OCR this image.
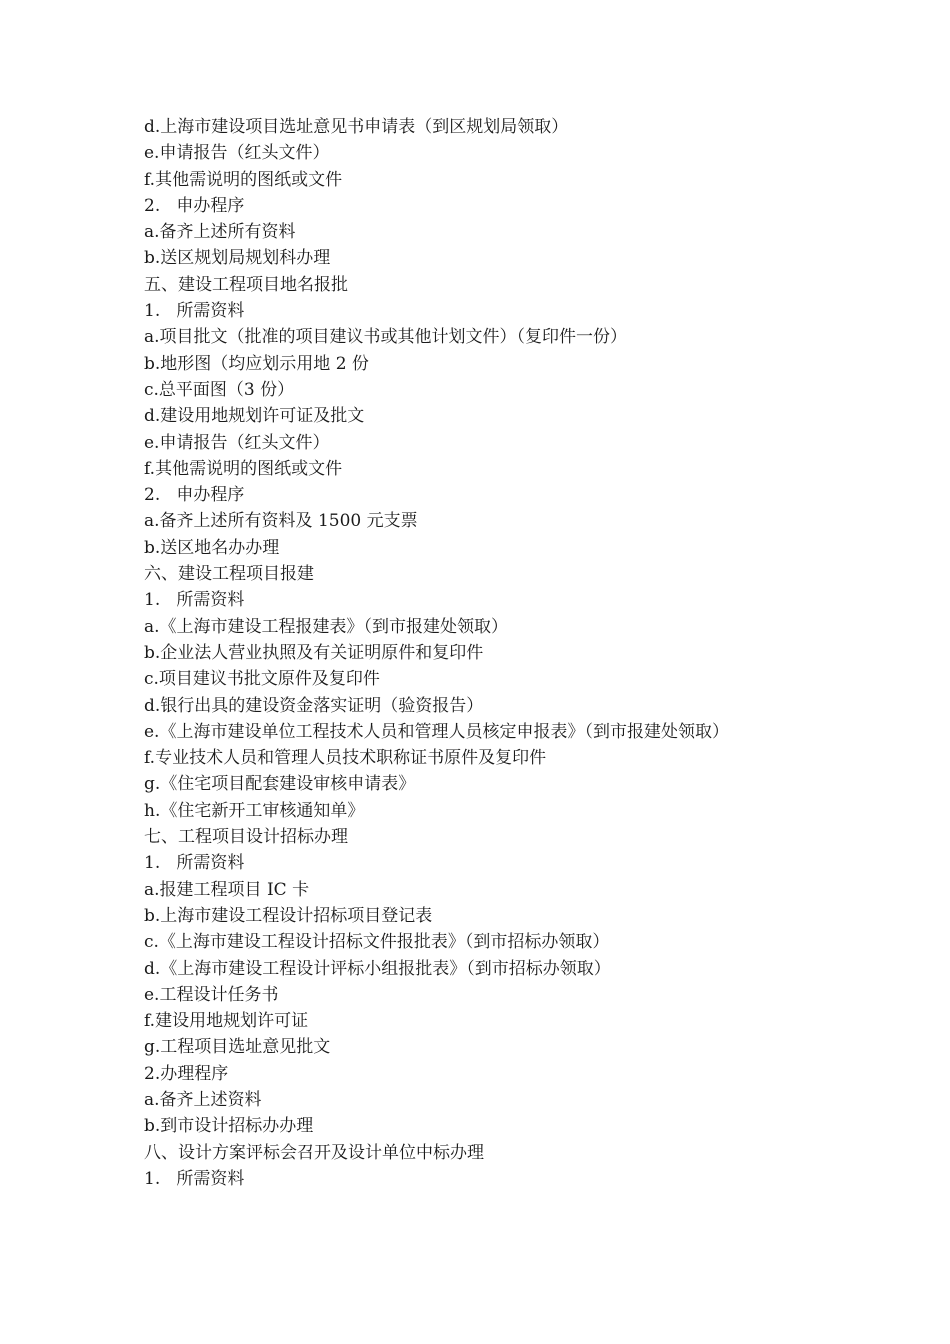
d.上海市建设项目选址意见书申请表（到区规划局领取）
e.申请报告（红头文件）
f.其他需说明的图纸或文件
2.   申办程序
a.备齐上述所有资料
b.送区规划局规划科办理
五、建设工程项目地名报批
1.   所需资料
a.项目批文（批准的项目建议书或其他计划文件）（复印件一份）
b.地形图（均应划示用地 2 份
c.总平面图（3 份）
d.建设用地规划许可证及批文
e.申请报告（红头文件）
f.其他需说明的图纸或文件
2.   申办程序
a.备齐上述所有资料及 1500 元支票
b.送区地名办办理
六、建设工程项目报建
1.   所需资料
a.《上海市建设工程报建表》（到市报建处领取）
b.企业法人营业执照及有关证明原件和复印件
c.项目建议书批文原件及复印件
d.银行出具的建设资金落实证明（验资报告）
e.《上海市建设单位工程技术人员和管理人员核定申报表》（到市报建处领取）
f.专业技术人员和管理人员技术职称证书原件及复印件
g.《住宅项目配套建设审核申请表》
h.《住宅新开工审核通知单》
七、工程项目设计招标办理
1.   所需资料
a.报建工程项目 IC 卡
b.上海市建设工程设计招标项目登记表
c.《上海市建设工程设计招标文件报批表》（到市招标办领取）
d.《上海市建设工程设计评标小组报批表》（到市招标办领取）
e.工程设计任务书
f.建设用地规划许可证
g.工程项目选址意见批文
2.办理程序
a.备齐上述资料
b.到市设计招标办办理
八、设计方案评标会召开及设计单位中标办理
1.   所需资料
